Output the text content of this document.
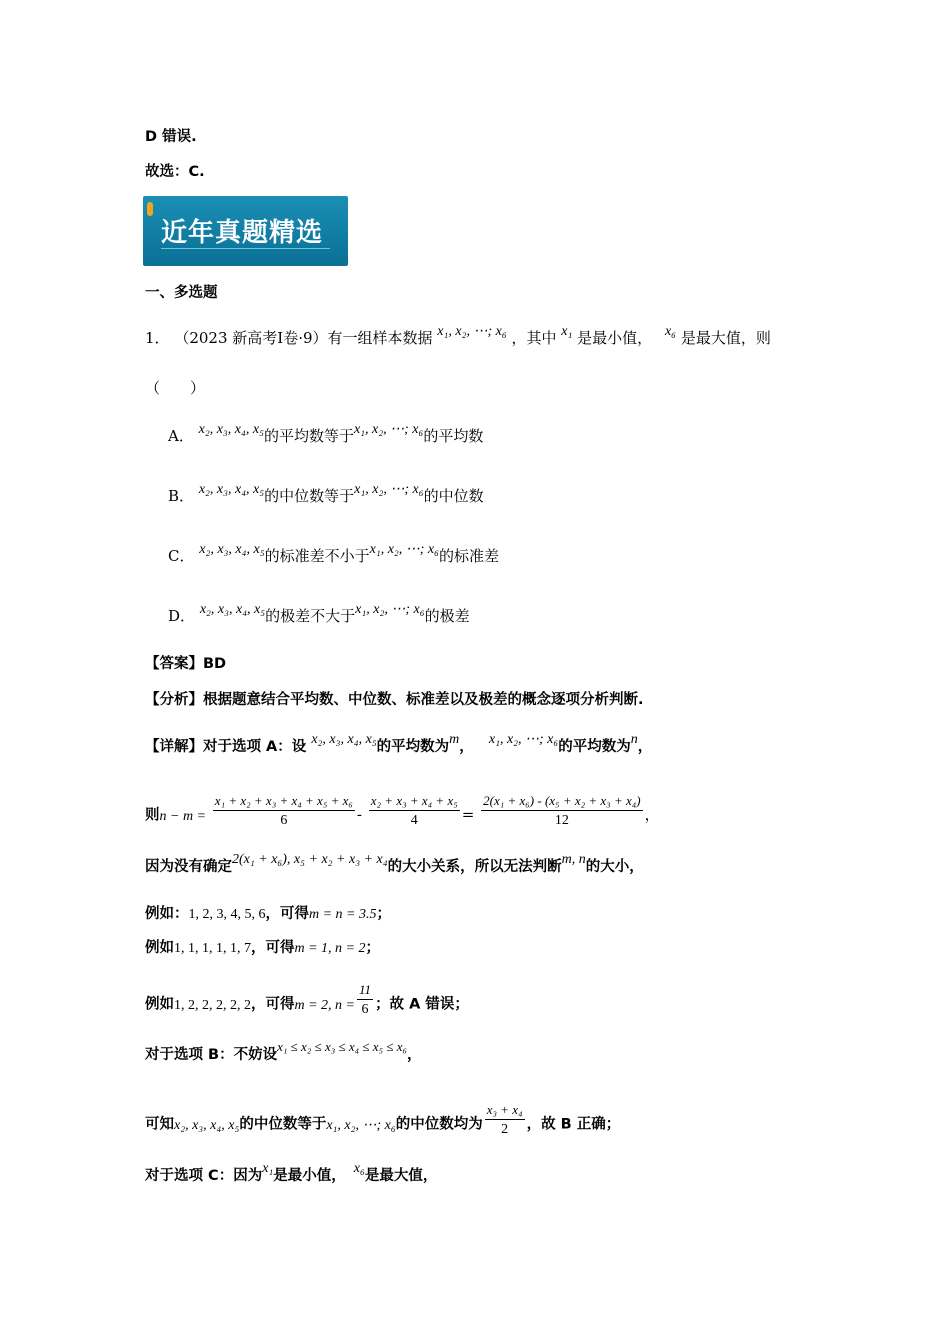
D 错误.
故选：C.
近年真题精选
一、多选题
1． （2023 新高考Ⅰ卷·9）有一组样本数据 x₁, x₂, ⋯; x₆ ，其中 x₁ 是最小值， x₆ 是最大值，则
（　　）
A． x₂, x₃, x₄, x₅的平均数等于x₁, x₂, ⋯; x₆的平均数
B． x₂, x₃, x₄, x₅的中位数等于x₁, x₂, ⋯; x₆的中位数
C． x₂, x₃, x₄, x₅的标准差不小于x₁, x₂, ⋯; x₆的标准差
D． x₂, x₃, x₄, x₅的极差不大于x₁, x₂, ⋯; x₆的极差
【答案】BD
【分析】根据题意结合平均数、中位数、标准差以及极差的概念逐项分析判断.
【详解】对于选项 A：设 x₂, x₃, x₄, x₅的平均数为m， x₁, x₂, ⋯; x₆的平均数为n，
则$n - m = \frac{\text{x₁ + x₂ + x₃ + x₄ + x₅ + x₆}}{6} - \frac{\text{x₂ + x₃ + x₄ + x₅}}{4} = \frac{\text{2(x₁ + x₆) - (x₅ + x₂ + x₃ + x₄)}}{12}$ ，
因为没有确定2(x₁ + x₆), x₅ + x₂ + x₃ + x₄的大小关系，所以无法判断m, n的大小，
例如：1, 2, 3, 4, 5, 6，可得m = n = 3.5；
例如1, 1, 1, 1, 1, 7，可得m = 1, n = 2；
例如1, 2, 2, 2, 2, 2，可得m = 2, $n = \frac{11}{6}$ ；故 A 错误；
对于选项 B：不妨设x₁ ≤ x₂ ≤ x₃ ≤ x₄ ≤ x₅ ≤ x₆，
可知x₂, x₃, x₄, x₅的中位数等于x₁, x₂, ⋯; x₆的中位数均为 $\frac{\text{x₃ + x₄}}{2}$ ，故 B 正确；
对于选项 C：因为x₁是最小值， x₆是最大值，
